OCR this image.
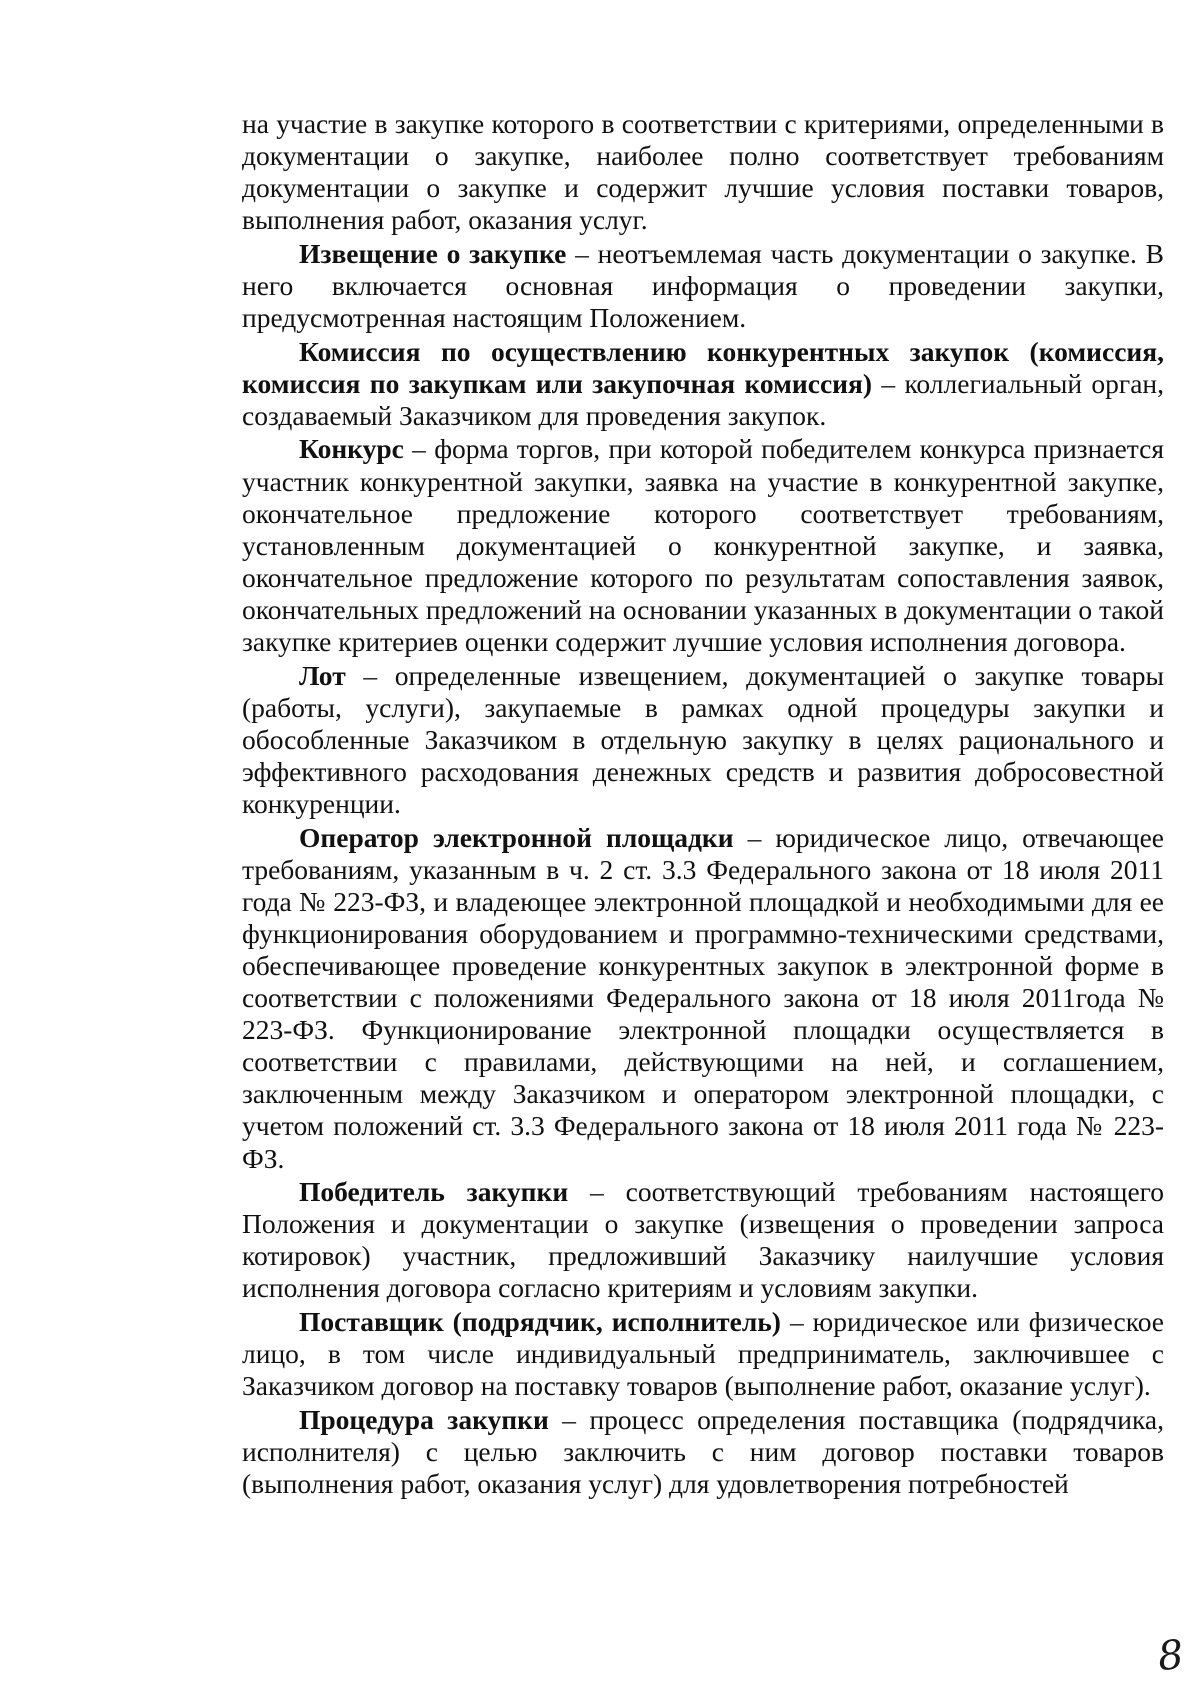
на участие в закупке которого в соответствии с критериями, определенными в документации о закупке, наиболее полно соответствует требованиям документации о закупке и содержит лучшие условия поставки товаров, выполнения работ, оказания услуг.

Извещение о закупке – неотъемлемая часть документации о закупке. В него включается основная информация о проведении закупки, предусмотренная настоящим Положением.

Комиссия по осуществлению конкурентных закупок (комиссия, комиссия по закупкам или закупочная комиссия) – коллегиальный орган, создаваемый Заказчиком для проведения закупок.

Конкурс – форма торгов, при которой победителем конкурса признается участник конкурентной закупки, заявка на участие в конкурентной закупке, окончательное предложение которого соответствует требованиям, установленным документацией о конкурентной закупке, и заявка, окончательное предложение которого по результатам сопоставления заявок, окончательных предложений на основании указанных в документации о такой закупке критериев оценки содержит лучшие условия исполнения договора.

Лот – определенные извещением, документацией о закупке товары (работы, услуги), закупаемые в рамках одной процедуры закупки и обособленные Заказчиком в отдельную закупку в целях рационального и эффективного расходования денежных средств и развития добросовестной конкуренции.

Оператор электронной площадки – юридическое лицо, отвечающее требованиям, указанным в ч. 2 ст. 3.3 Федерального закона от 18 июля 2011 года № 223-ФЗ, и владеющее электронной площадкой и необходимыми для ее функционирования оборудованием и программно-техническими средствами, обеспечивающее проведение конкурентных закупок в электронной форме в соответствии с положениями Федерального закона от 18 июля 2011года № 223-ФЗ. Функционирование электронной площадки осуществляется в соответствии с правилами, действующими на ней, и соглашением, заключенным между Заказчиком и оператором электронной площадки, с учетом положений ст. 3.3 Федерального закона от 18 июля 2011 года № 223-ФЗ.

Победитель закупки – соответствующий требованиям настоящего Положения и документации о закупке (извещения о проведении запроса котировок) участник, предложивший Заказчику наилучшие условия исполнения договора согласно критериям и условиям закупки.

Поставщик (подрядчик, исполнитель) – юридическое или физическое лицо, в том числе индивидуальный предприниматель, заключившее с Заказчиком договор на поставку товаров (выполнение работ, оказание услуг).

Процедура закупки – процесс определения поставщика (подрядчика, исполнителя) с целью заключить с ним договор поставки товаров (выполнения работ, оказания услуг) для удовлетворения потребностей

8
